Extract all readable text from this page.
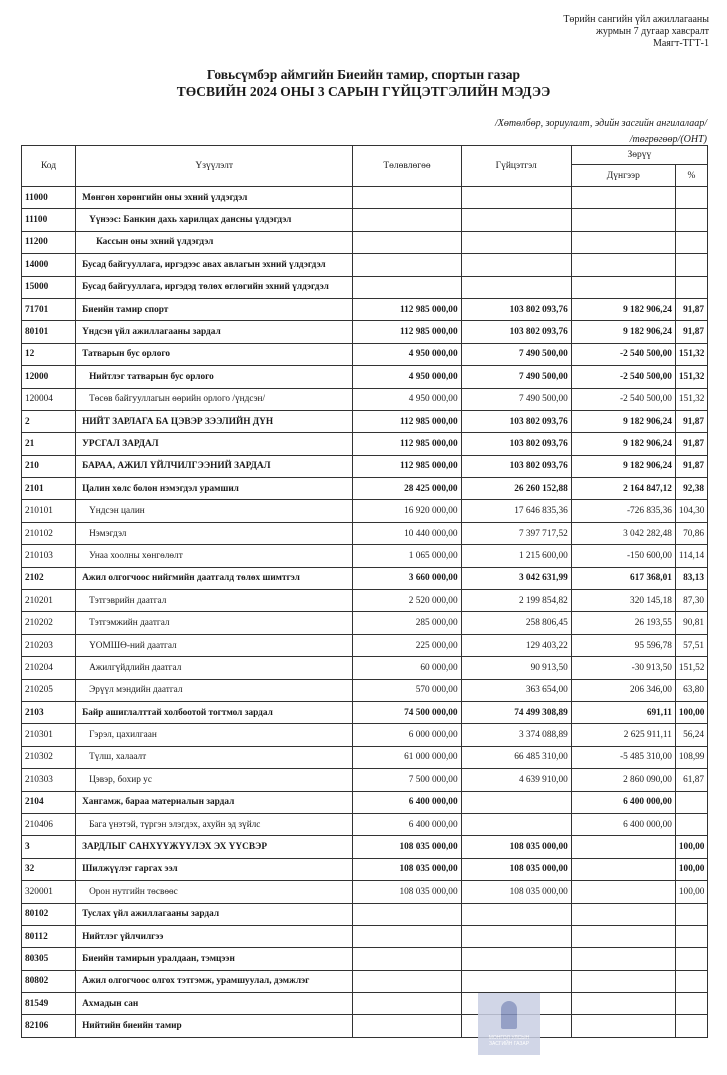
Төрийн сангийн үйл ажиллагааны
журмын 7 дугаар хавсралт
Маягт-ТГТ-1
Говьсүмбэр аймгийн Биеийн тамир, спортын газар
ТӨСВИЙН 2024 ОНЫ 3 САРЫН ГҮЙЦЭТГЭЛИЙН МЭДЭЭ
/Хөтөлбөр, зориулалт, эдийн засгийн ангилалаар/
/төгрөгөөр/(ОНТ)
Код	Үзүүлэлт	Төлөвлөгөө	Гүйцэтгэл	Зөрүү	
				Дүнгээр	%
11000	Мөнгөн хөрөнгийн оны эхний үлдэгдэл				
11100	Үүнээс: Банкин дахь харилцах дансны үлдэгдэл				
11200	Кассын оны эхний үлдэгдэл				
14000	Бусад байгууллага, иргэдээс авах авлагын эхний үлдэгдэл				
15000	Бусад байгууллага, иргэдэд төлөх өглөгийн эхний үлдэгдэл				
71701	Биеийн тамир спорт	112 985 000,00	103 802 093,76	9 182 906,24	91,87
80101	Үндсэн үйл ажиллагааны зардал	112 985 000,00	103 802 093,76	9 182 906,24	91,87
12	Татварын бус орлого	4 950 000,00	7 490 500,00	-2 540 500,00	151,32
12000	Нийтлэг татварын бус орлого	4 950 000,00	7 490 500,00	-2 540 500,00	151,32
120004	Төсөв байгууллагын өөрийн орлого /үндсэн/	4 950 000,00	7 490 500,00	-2 540 500,00	151,32
2	НИЙТ ЗАРЛАГА БА ЦЭВЭР ЗЭЭЛИЙН ДҮН	112 985 000,00	103 802 093,76	9 182 906,24	91,87
21	УРСГАЛ ЗАРДАЛ	112 985 000,00	103 802 093,76	9 182 906,24	91,87
210	БАРАА, АЖИЛ ҮЙЛЧИЛГЭЭНИЙ ЗАРДАЛ	112 985 000,00	103 802 093,76	9 182 906,24	91,87
2101	Цалин хөлс болон нэмэгдэл урамшил	28 425 000,00	26 260 152,88	2 164 847,12	92,38
210101	Үндсэн цалин	16 920 000,00	17 646 835,36	-726 835,36	104,30
210102	Нэмэгдэл	10 440 000,00	7 397 717,52	3 042 282,48	70,86
210103	Унаа хоолны хөнгөлөлт	1 065 000,00	1 215 600,00	-150 600,00	114,14
2102	Ажил олгогчоос нийгмийн даатгалд төлөх шимтгэл	3 660 000,00	3 042 631,99	617 368,01	83,13
210201	Тэтгэврийн даатгал	2 520 000,00	2 199 854,82	320 145,18	87,30
210202	Тэтгэмжийн даатгал	285 000,00	258 806,45	26 193,55	90,81
210203	ҮОМШӨ-ний даатгал	225 000,00	129 403,22	95 596,78	57,51
210204	Ажилгүйдлийн даатгал	60 000,00	90 913,50	-30 913,50	151,52
210205	Эрүүл мэндийн даатгал	570 000,00	363 654,00	206 346,00	63,80
2103	Байр ашиглалттай холбоотой тогтмол зардал	74 500 000,00	74 499 308,89	691,11	100,00
210301	Гэрэл, цахилгаан	6 000 000,00	3 374 088,89	2 625 911,11	56,24
210302	Түлш, халаалт	61 000 000,00	66 485 310,00	-5 485 310,00	108,99
210303	Цэвэр, бохир ус	7 500 000,00	4 639 910,00	2 860 090,00	61,87
2104	Хангамж, бараа материалын зардал	6 400 000,00		6 400 000,00	
210406	Бага үнэтэй, түргэн элэгдэх, ахуйн эд зүйлс	6 400 000,00		6 400 000,00	
3	ЗАРДЛЫГ САНХҮҮЖҮҮЛЭХ ЭХ ҮҮСВЭР	108 035 000,00	108 035 000,00		100,00
32	Шилжүүлэг гаргах ээл	108 035 000,00	108 035 000,00		100,00
320001	Орон нутгийн төсвөөс	108 035 000,00	108 035 000,00		100,00
80102	Туслах үйл ажиллагааны зардал				
80112	Нийтлэг үйлчилгээ				
80305	Биеийн тамирын уралдаан, тэмцээн				
80802	Ажил олгогчоос олгох тэтгэмж, урамшуулал, дэмжлэг				
81549	Ахмадын сан				
82106	Нийтийн биеийн тамир				
МОНГОЛ УЛСЫН
ЗАСГИЙН ГАЗАР
